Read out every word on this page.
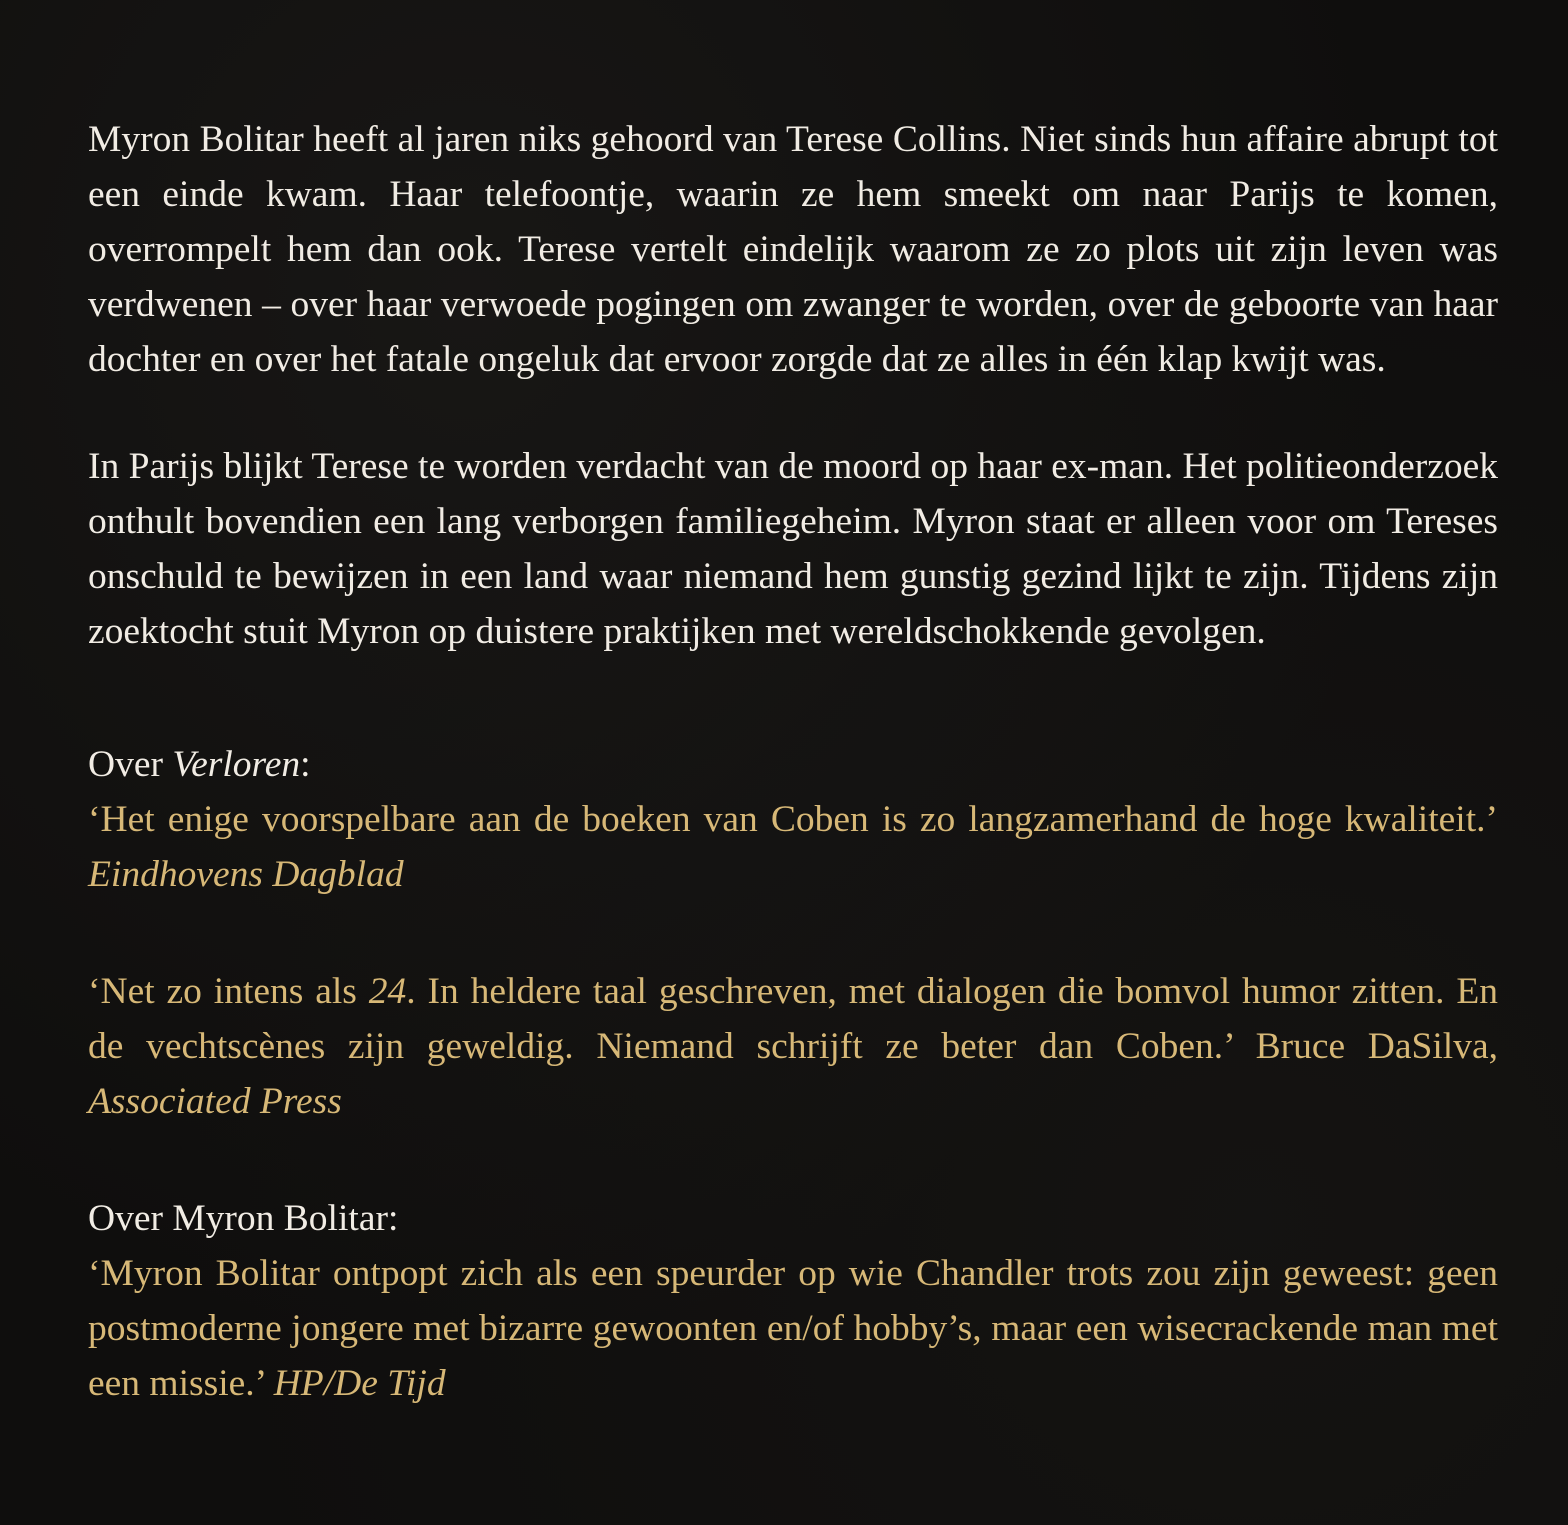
Myron Bolitar heeft al jaren niks gehoord van Terese Collins. Niet sinds hun affaire abrupt tot een einde kwam. Haar telefoontje, waarin ze hem smeekt om naar Parijs te komen, overrompelt hem dan ook. Terese vertelt eindelijk waarom ze zo plots uit zijn leven was verdwenen – over haar verwoede pogingen om zwanger te worden, over de geboorte van haar dochter en over het fatale ongeluk dat ervoor zorgde dat ze alles in één klap kwijt was.

In Parijs blijkt Terese te worden verdacht van de moord op haar ex-man. Het politieonderzoek onthult bovendien een lang verborgen familiegeheim. Myron staat er alleen voor om Tereses onschuld te bewijzen in een land waar niemand hem gunstig gezind lijkt te zijn. Tijdens zijn zoektocht stuit Myron op duistere praktijken met wereldschokkende gevolgen.

Over Verloren:

‘Het enige voorspelbare aan de boeken van Coben is zo langzamerhand de hoge kwaliteit.’ Eindhovens Dagblad

‘Net zo intens als 24. In heldere taal geschreven, met dialogen die bomvol humor zitten. En de vechtscènes zijn geweldig. Niemand schrijft ze beter dan Coben.’ Bruce DaSilva, Associated Press

Over Myron Bolitar:

‘Myron Bolitar ontpopt zich als een speurder op wie Chandler trots zou zijn geweest: geen postmoderne jongere met bizarre gewoonten en/of hobby’s, maar een wisecrackende man met een missie.’ HP/De Tijd
